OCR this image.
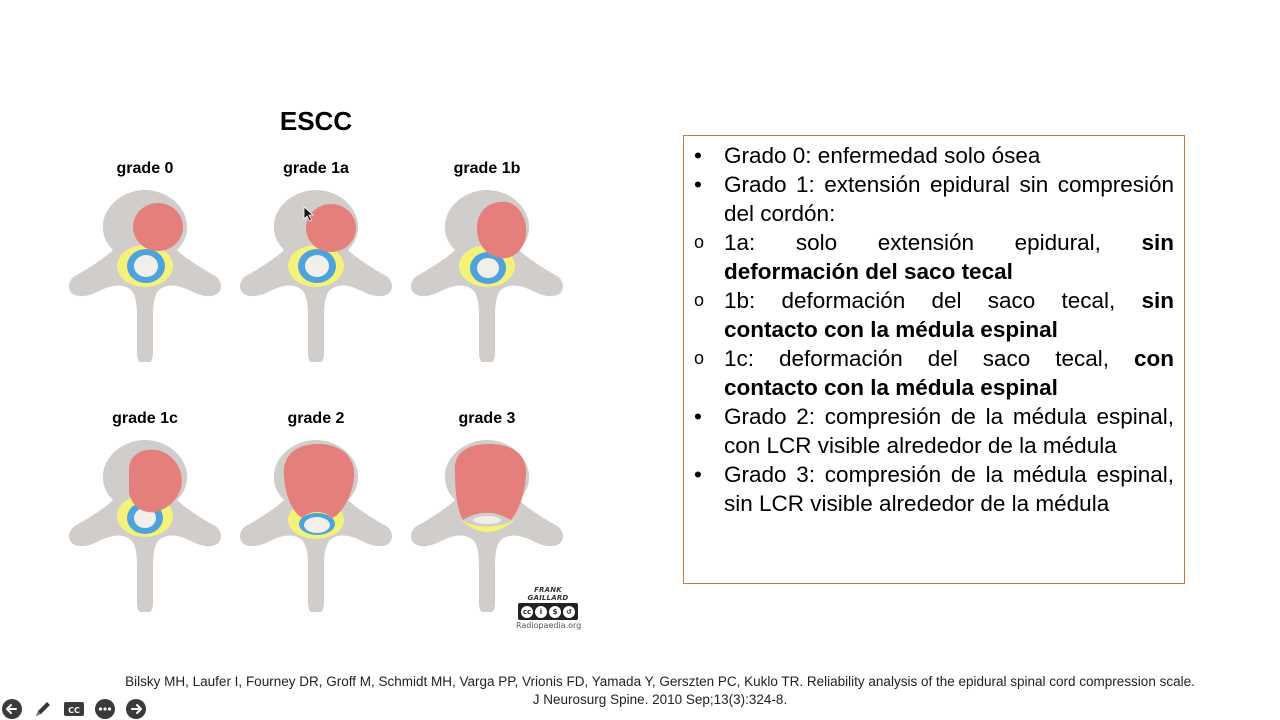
ESCC
grade 0	grade 1a	grade 1b
grade 1c	grade 2	grade 3
FRANK GAILLARD
cc	i	$	↺
Radiopaedia.org
• Grado 0: enfermedad solo ósea
• Grado 1: extensión epidural sin compresión del cordón:
o 1a: solo extensión epidural, sin deformación del saco tecal
o 1b: deformación del saco tecal, sin contacto con la médula espinal
o 1c: deformación del saco tecal, con contacto con la médula espinal
• Grado 2: compresión de la médula espinal, con LCR visible alrededor de la médula
• Grado 3: compresión de la médula espinal, sin LCR visible alrededor de la médula
Bilsky MH, Laufer I, Fourney DR, Groff M, Schmidt MH, Varga PP, Vrionis FD, Yamada Y, Gerszten PC, Kuklo TR. Reliability analysis of the epidural spinal cord compression scale. J Neurosurg Spine. 2010 Sep;13(3):324-8.
CC
